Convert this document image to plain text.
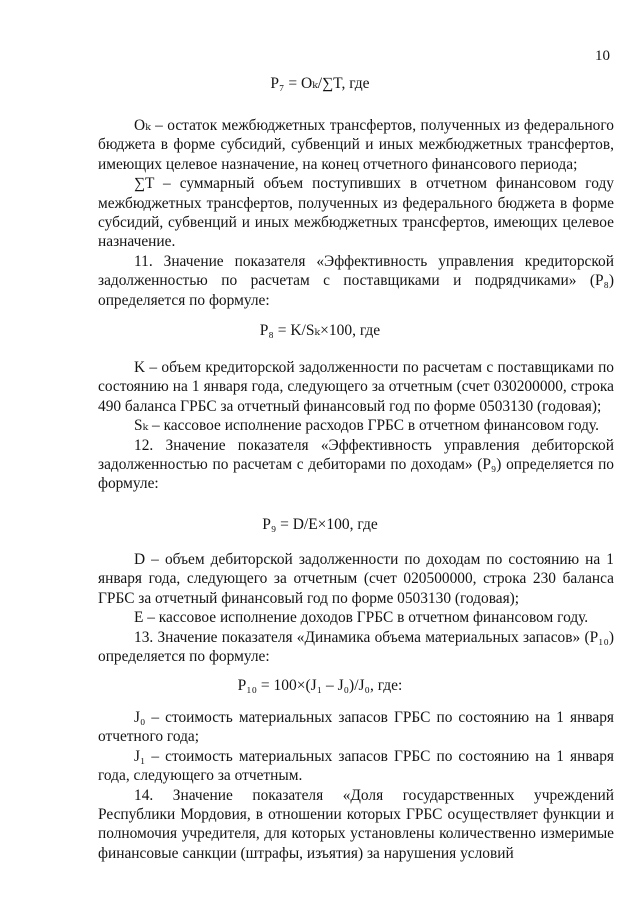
10
P₇ = Oₖ/∑T, где

Oₖ – остаток межбюджетных трансфертов, полученных из федерального бюджета в форме субсидий, субвенций и иных межбюджетных трансфертов, имеющих целевое назначение, на конец отчетного финансового периода;

∑T – суммарный объем поступивших в отчетном финансовом году межбюджетных трансфертов, полученных из федерального бюджета в форме субсидий, субвенций и иных межбюджетных трансфертов, имеющих целевое назначение.

11. Значение показателя «Эффективность управления кредиторской задолженностью по расчетам с поставщиками и подрядчиками» (P₈) определяется по формуле:

P₈ = K/Sₖ×100, где

K – объем кредиторской задолженности по расчетам с поставщиками по состоянию на 1 января года, следующего за отчетным (счет 030200000, строка 490 баланса ГРБС за отчетный финансовый год по форме 0503130 (годовая);

Sₖ – кассовое исполнение расходов ГРБС в отчетном финансовом году.

12. Значение показателя «Эффективность управления дебиторской задолженностью по расчетам с дебиторами по доходам» (P₉) определяется по формуле:

P₉ = D/E×100, где

D – объем дебиторской задолженности по доходам по состоянию на 1 января года, следующего за отчетным (счет 020500000, строка 230 баланса ГРБС за отчетный финансовый год по форме 0503130 (годовая);

E – кассовое исполнение доходов ГРБС в отчетном финансовом году.

13. Значение показателя «Динамика объема материальных запасов» (P₁₀) определяется по формуле:

P₁₀ = 100×(J₁ – J₀)/J₀, где:

J₀ – стоимость материальных запасов ГРБС по состоянию на 1 января отчетного года;

J₁ – стоимость материальных запасов ГРБС по состоянию на 1 января года, следующего за отчетным.

14. Значение показателя «Доля государственных учреждений Республики Мордовия, в отношении которых ГРБС осуществляет функции и полномочия учредителя, для которых установлены количественно измеримые финансовые санкции (штрафы, изъятия) за нарушения условий
